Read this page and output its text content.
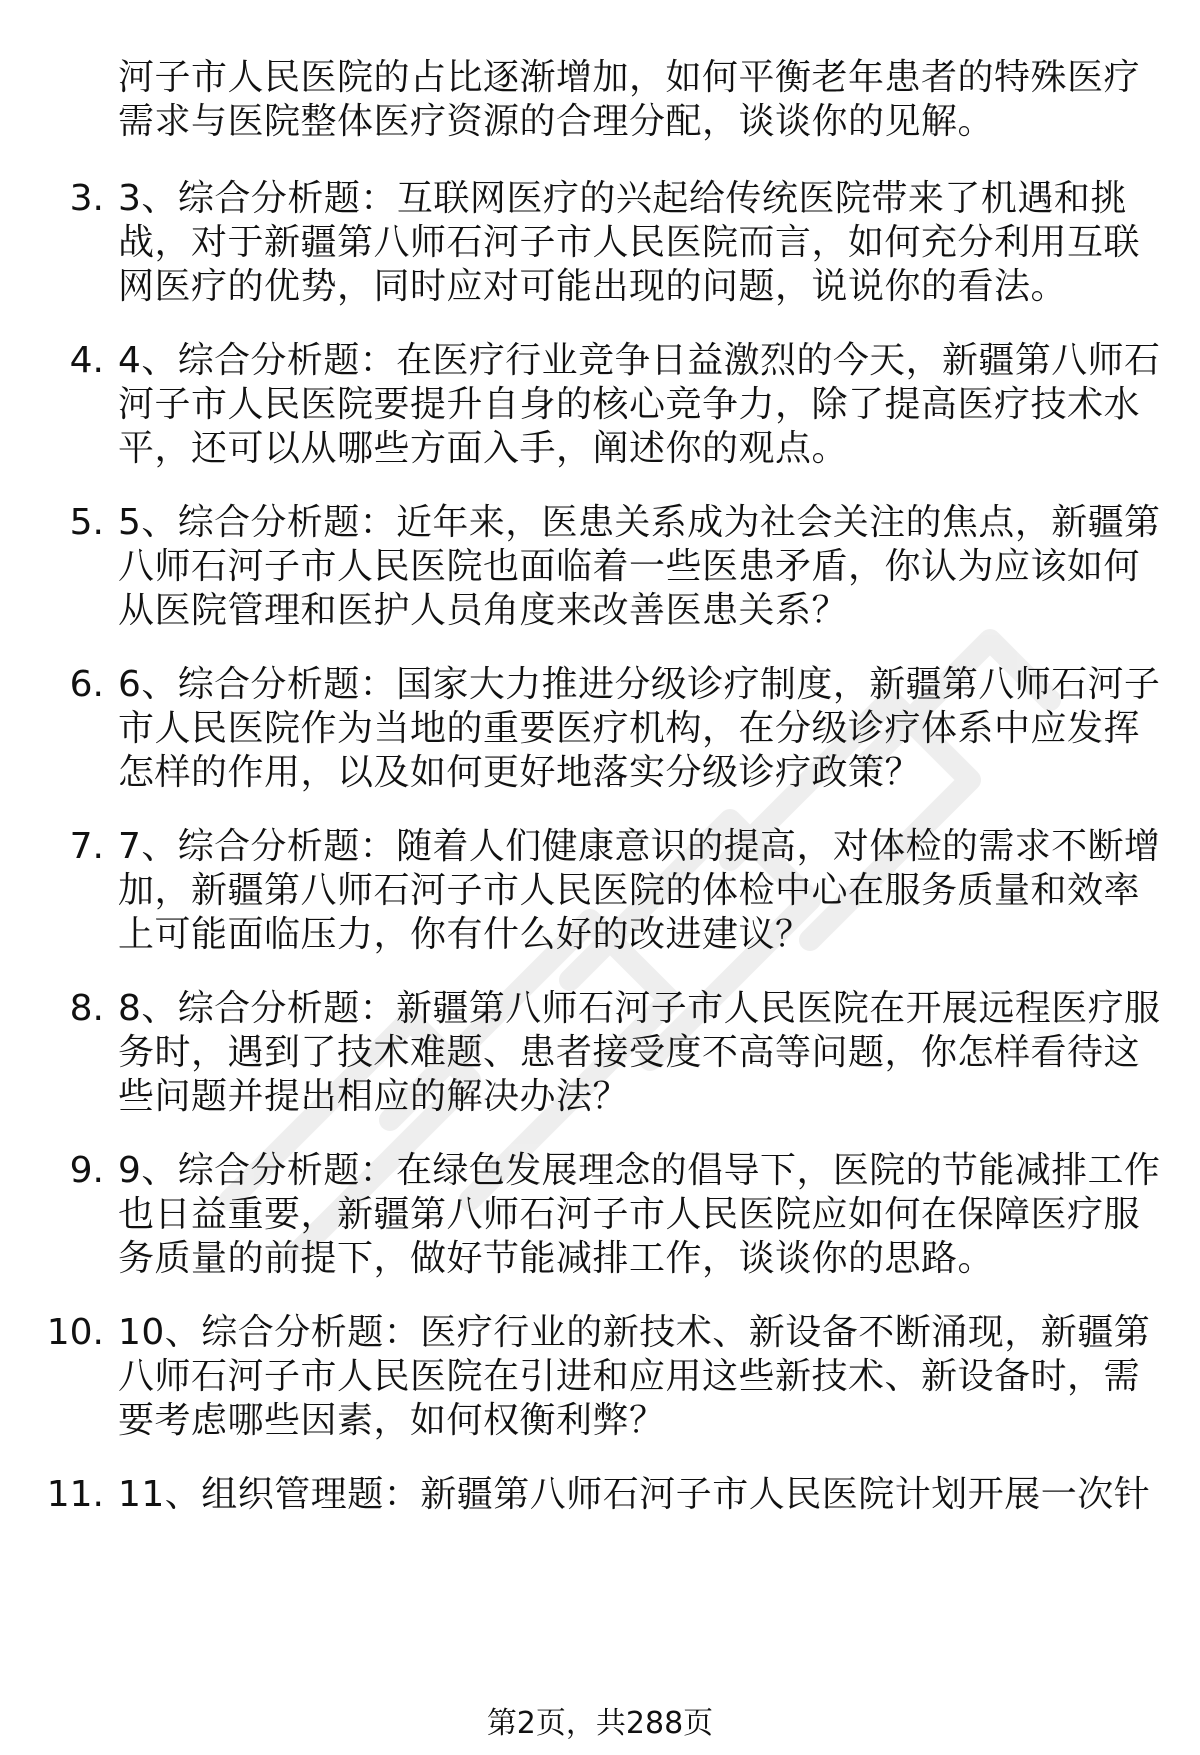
河子市人民医院的占比逐渐增加，如何平衡老年患者的特殊医疗
需求与医院整体医疗资源的合理分配，谈谈你的见解。
3. 3、综合分析题：互联网医疗的兴起给传统医院带来了机遇和挑
战，对于新疆第八师石河子市人民医院而言，如何充分利用互联
网医疗的优势，同时应对可能出现的问题，说说你的看法。
4. 4、综合分析题：在医疗行业竞争日益激烈的今天，新疆第八师石
河子市人民医院要提升自身的核心竞争力，除了提高医疗技术水
平，还可以从哪些方面入手，阐述你的观点。
5. 5、综合分析题：近年来，医患关系成为社会关注的焦点，新疆第
八师石河子市人民医院也面临着一些医患矛盾，你认为应该如何
从医院管理和医护人员角度来改善医患关系？
6. 6、综合分析题：国家大力推进分级诊疗制度，新疆第八师石河子
市人民医院作为当地的重要医疗机构，在分级诊疗体系中应发挥
怎样的作用，以及如何更好地落实分级诊疗政策？
7. 7、综合分析题：随着人们健康意识的提高，对体检的需求不断增
加，新疆第八师石河子市人民医院的体检中心在服务质量和效率
上可能面临压力，你有什么好的改进建议？
8. 8、综合分析题：新疆第八师石河子市人民医院在开展远程医疗服
务时，遇到了技术难题、患者接受度不高等问题，你怎样看待这
些问题并提出相应的解决办法？
9. 9、综合分析题：在绿色发展理念的倡导下，医院的节能减排工作
也日益重要，新疆第八师石河子市人民医院应如何在保障医疗服
务质量的前提下，做好节能减排工作，谈谈你的思路。
10. 10、综合分析题：医疗行业的新技术、新设备不断涌现，新疆第
八师石河子市人民医院在引进和应用这些新技术、新设备时，需
要考虑哪些因素，如何权衡利弊？
11. 11、组织管理题：新疆第八师石河子市人民医院计划开展一次针
第2页，共288页
